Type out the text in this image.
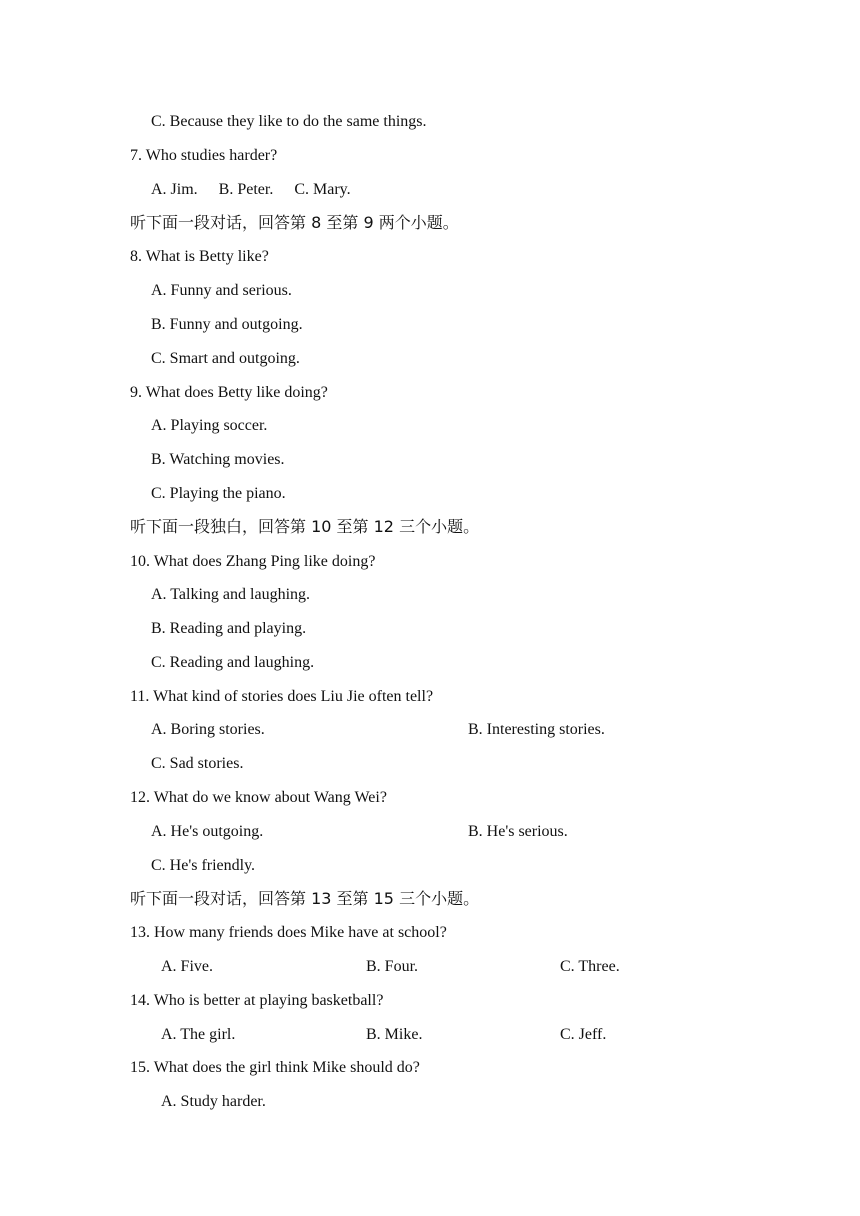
C. Because they like to do the same things.
7. Who studies harder?
A. Jim. B. Peter. C. Mary.
听下面一段对话，回答第 8 至第 9 两个小题。
8. What is Betty like?
A. Funny and serious.
B. Funny and outgoing.
C. Smart and outgoing.
9. What does Betty like doing?
A. Playing soccer.
B. Watching movies.
C. Playing the piano.
听下面一段独白，回答第 10 至第 12 三个小题。
10. What does Zhang Ping like doing?
A. Talking and laughing.
B. Reading and playing.
C. Reading and laughing.
11. What kind of stories does Liu Jie often tell?
A. Boring stories.	B. Interesting stories.
C. Sad stories.
12. What do we know about Wang Wei?
A. He's outgoing.	B. He's serious.
C. He's friendly.
听下面一段对话，回答第 13 至第 15 三个小题。
13. How many friends does Mike have at school?
A. Five.	B. Four.	C. Three.
14. Who is better at playing basketball?
A. The girl.	B. Mike.	C. Jeff.
15. What does the girl think Mike should do?
A. Study harder.
